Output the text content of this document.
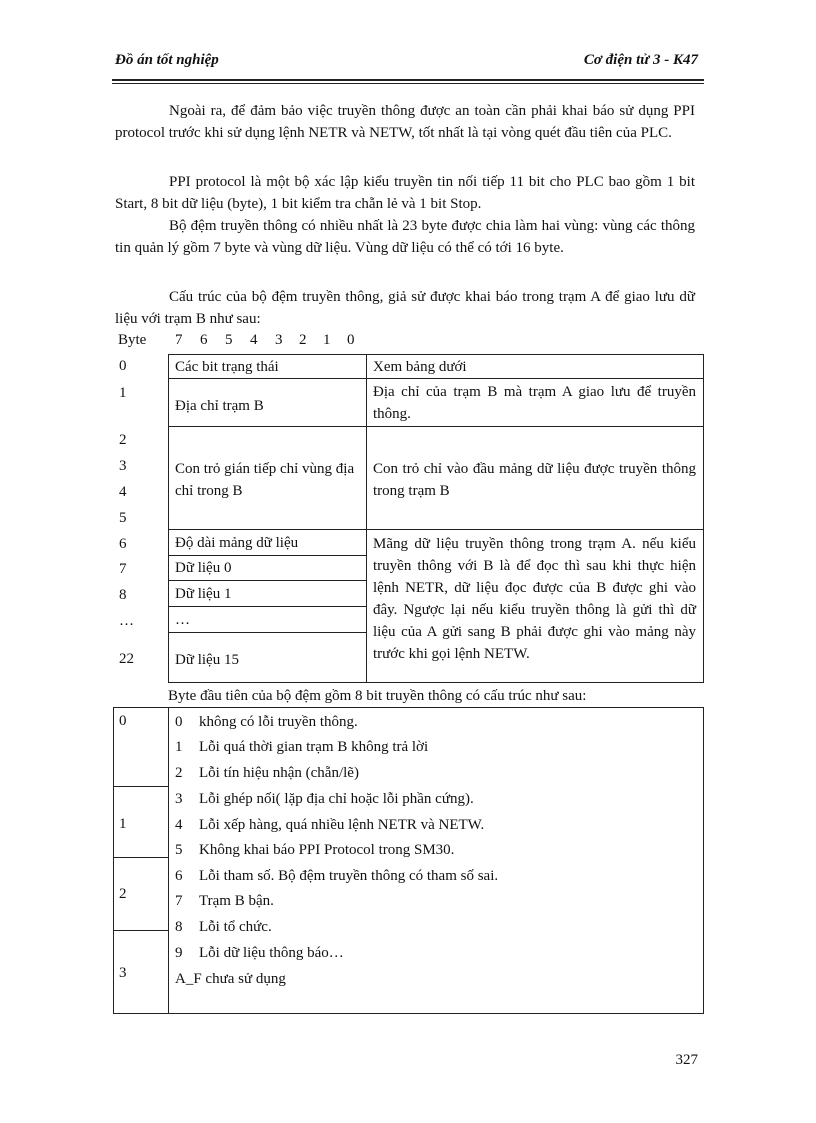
Đồ án tốt nghiệp	Cơ điện tử 3 - K47

Ngoài ra, để đảm bảo việc truyền thông được an toàn cần phải khai báo sử dụng PPI protocol trước khi sử dụng lệnh NETR và NETW, tốt nhất là tại vòng quét đầu tiên của PLC.

PPI protocol là một bộ xác lập kiểu truyền tin nối tiếp 11 bit cho PLC bao gồm 1 bit Start, 8 bit dữ liệu (byte), 1 bit kiểm tra chẵn lẻ và 1 bit Stop.

Bộ đệm truyền thông có nhiều nhất là 23 byte được chia làm hai vùng: vùng các thông tin quản lý gồm 7 byte và vùng dữ liệu. Vùng dữ liệu có thể có tới 16 byte.

Cấu trúc của bộ đệm truyền thông, giả sử được khai báo trong trạm A để giao lưu dữ liệu với trạm B như sau:

Byte 7 6 5 4 3 2 1 0
0
1
2
3
4
5
6
7
8
…
22
Các bit trạng thái	Xem bảng dưới
Địa chỉ trạm B
Địa chỉ của trạm B mà trạm A giao lưu để truyền thông.
Con trỏ gián tiếp chỉ vùng địa chỉ trong B
Con trỏ chỉ vào đầu mảng dữ liệu được truyền thông trong trạm B
Độ dài mảng dữ liệu
Dữ liệu 0
Dữ liệu 1
…
Dữ liệu 15
Mãng dữ liệu truyền thông trong trạm A. nếu kiểu truyền thông với B là để đọc thì sau khi thực hiện lệnh NETR, dữ liệu đọc được của B được ghi vào đây. Ngược lại nếu kiểu truyền thông là gửi thì dữ liệu của A gửi sang B phải được ghi vào mảng này trước khi gọi lệnh NETW.
Byte đầu tiên của bộ đệm gồm 8 bit truyền thông có cấu trúc như sau:
0
1
2
3
0 không có lỗi truyền thông.
1 Lỗi quá thời gian trạm B không trả lời
2 Lỗi tín hiệu nhận (chẵn/lẽ)
3 Lỗi ghép nối( lặp địa chỉ hoặc lỗi phần cứng).
4 Lỗi xếp hàng, quá nhiều lệnh NETR và NETW.
5 Không khai báo PPI Protocol trong SM30.
6 Lỗi tham số. Bộ đệm truyền thông có tham số sai.
7 Trạm B bận.
8 Lỗi tổ chức.
9 Lỗi dữ liệu thông báo…
A_F chưa sử dụng
327
